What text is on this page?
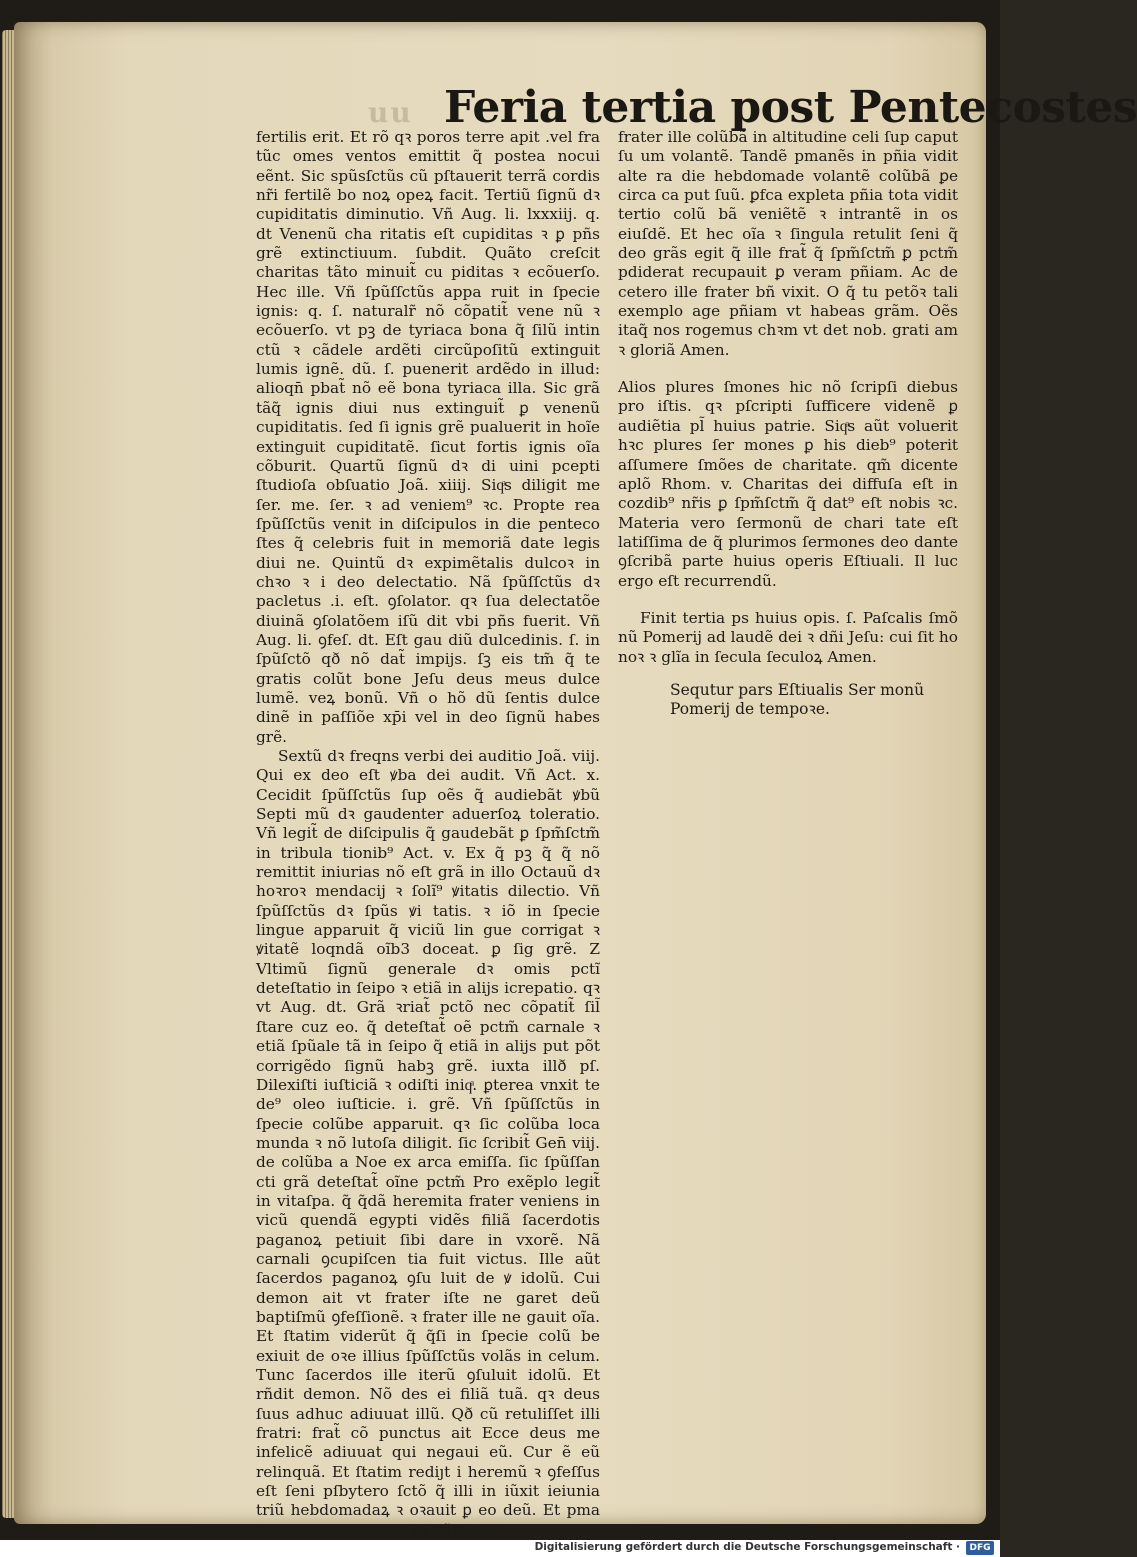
uu Feria tertia post Pentecostes

fertilis erit. Et rõ qꝛ poros terre apit .vel fra tũc omes ventos emittit q̃ postea nocui eẽnt. Sic spũsſctũs cũ pſtauerit terrã cordis nr̃i fertilẽ bo noꝝ opeꝝ facit. Tertiũ ſignũ dꝛ cupiditatis diminutio. Vñ Aug. li. lxxxiij. q. dt Venenũ cha ritatis eſt cupiditas ꝛ ꝑ pñs grẽ extinctiuum. ſubdit. Quãto creſcit charitas tãto minuit̃ cu piditas ꝛ ecõuerſo. Hec ille. Vñ ſpũſſctũs appa ruit in ſpecie ignis: q. ſ. naturalr̃ nõ cõpatit̃ vene nũ ꝛ ecõuerſo. vt pꝫ de tyriaca bona q̃ ſilũ intin ctũ ꝛ cãdele ardẽti circũpoſitũ extinguit lumis ignẽ. dũ. ſ. puenerit ardẽdo in illud: alioqn̄ pbat̃ nõ eẽ bona tyriaca illa. Sic grã tãq̃ ignis diui nus extinguit̃ ꝑ venenũ cupiditatis. ſed ſi ignis grẽ pualuerit in hoĩe extinguit cupiditatẽ. ſicut fortis ignis oĩa cõburit. Quartũ ſignũ dꝛ di uini pcepti ſtudioſa obſuatio Joã. xiiij. Siqͣs diligit me ſer. me. ſer. ꝛ ad veniem⁹ ꝛc. Propte rea ſpũſſctũs venit in diſcipulos in die penteco ſtes q̃ celebris fuit in memoriã date legis diui ne. Quintũ dꝛ expimẽtalis dulcoꝛ in chꝛo ꝛ i deo delectatio. Nã ſpũſſctũs dꝛ pacletus .i. eſt. ꝯſolator. qꝛ ſua delectatõe diuinã ꝯſolatõem iſũ dit vbi pñs fuerit. Vñ Aug. li. ꝯfeſ. dt. Eſt gau diũ dulcedinis. ſ. in ſpũſctõ qð nõ dat̃ impijs. ſꝫ eis tm̃ q̃ te gratis colũt bone Jeſu deus meus dulce lumẽ. veꝝ bonũ. Vñ o hõ dũ ſentis dulce dinẽ in paſſiõe xp̄i vel in deo ſignũ habes grẽ.

Sextũ dꝛ freqns verbi dei auditio Joã. viij. Qui ex deo eſt ꝟba dei audit. Vñ Act. x. Cecidit ſpũſſctũs ſup oẽs q̃ audiebãt ꝟbũ Septi mũ dꝛ gaudenter aduerſoꝝ toleratio. Vñ legit̃ de diſcipulis q̃ gaudebãt ꝑ ſpm̃ſctm̃ in tribula tionib⁹ Act. v. Ex q̃ pꝫ q̃ q̃ nõ remittit iniurias nõ eſt grã in illo Octauũ dꝛ hoꝛroꝛ mendacij ꝛ ſolĩ⁹ ꝟitatis dilectio. Vñ ſpũſſctũs dꝛ ſpũs ꝟi tatis. ꝛ iõ in ſpecie lingue apparuit q̃ viciũ lin gue corrigat ꝛ ꝟitatẽ loqndã oĩb3 doceat. ꝑ ſig grẽ. Z Vltimũ ſignũ generale dꝛ omis pctĩ deteſtatio in ſeipo ꝛ etiã in alijs icrepatio. qꝛ vt Aug. dt. Grã ꝛriat̃ pctõ nec cõpatit̃ ſil̃ ſtare cuz eo. q̃ deteſtat̃ oẽ pctm̃ carnale ꝛ etiã ſpũale tã in ſeipo q̃ etiã in alijs put põt corrigẽdo ſignũ habꝫ grẽ. iuxta illð pſ. Dilexiſti iuſticiã ꝛ odiſti iniqͣ. ꝑterea vnxit te de⁹ oleo iuſticie. i. grẽ. Vñ ſpũſſctũs in ſpecie colũbe apparuit. qꝛ ſic colũba loca munda ꝛ nõ lutoſa diligit. ſic ſcribit̃ Gen̄ viij. de colũba a Noe ex arca emiſſa. ſic ſpũſſan cti grã deteſtat̃ oĩne pctm̃ Pro exẽplo legit̃ in vitaſpa. q̃ q̃dã heremita frater veniens in vicũ quendã egypti vidẽs filiã ſacerdotis paganoꝝ petiuit ſibi dare in vxorẽ. Nã carnali ꝯcupiſcen tia fuit victus. Ille aũt ſacerdos paganoꝝ ꝯſu luit de ꝟ idolũ. Cui demon ait vt frater iſte ne garet deũ baptiſmũ ꝯfeſſionẽ. ꝛ frater ille ne gauit oĩa. Et ſtatim viderũt q̃ q̃ſi in ſpecie colũ be exiuit de oꝛe illius ſpũſſctũs volãs in celum. Tunc ſacerdos ille iterũ ꝯſuluit idolũ. Et rñdit demon. Nõ des ei filiã tuã. qꝛ deus ſuus adhuc adiuuat illũ. Qð cũ retuliſſet illi fratri: frat̃ cõ punctus ait Ecce deus me infelicẽ adiuuat qui negaui eũ. Cur ẽ eũ relinquã. Et ſtatim rediȷt i heremũ ꝛ ꝯfeſſus eſt ſeni pſbytero ſctõ q̃ illi in iũxit ieiunia triũ hebdomadaꝝ ꝛ oꝛauit ꝑ eo deũ. Et pma hebdomada expleta in pñia vidit

frater ille colũbã in altitudine celi ſup caput ſu um volantẽ. Tandẽ pmanẽs in pñia vidit alte ra die hebdomade volantẽ colũbã ꝑe circa ca put ſuũ. ꝑfca expleta pñia tota vidit tertio colũ bã veniẽtẽ ꝛ intrantẽ in os eiuſdẽ. Et hec oĩa ꝛ ſingula retulit ſeni q̃ deo grãs egit q̃ ille frat̃ q̃ ſpm̃ſctm̃ ꝑ pctm̃ pdiderat recupauit ꝑ veram pñiam. Ac de cetero ille frater bñ vixit. O q̃ tu petõꝛ tali exemplo age pñiam vt habeas grãm. Oẽs itaq̃ nos rogemus chꝛm vt det nob. grati am ꝛ gloriã Amen.

Alios plures ſmones hic nõ ſcripſi diebus pro iſtis. qꝛ pſcripti ſufficere videnẽ ꝑ audiẽtia pl̃ huius patrie. Siqͣs aũt voluerit hꝛc plures ſer mones ꝑ his dieb⁹ poterit aſſumere ſmões de charitate. qm̃ dicente aplõ Rhom. v. Charitas dei diffuſa eſt in cozdib⁹ nr̃is ꝑ ſpm̃ſctm̃ q̃ dat⁹ eſt nobis ꝛc. Materia vero ſermonũ de chari tate eſt latiſſima de q̃ plurimos ſermones deo dante ꝯſcribã parte huius operis Eſtiuali. Il luc ergo eſt recurrendũ.

Finit tertia ps huius opis. ſ. Paſcalis ſmõ nũ Pomerij ad laudẽ dei ꝛ dñi Jeſu: cui ſit ho noꝛ ꝛ glĩa in ſecula ſeculoꝝ Amen.

Sequtur pars Eſtiualis Ser monũ Pomerij de tempoꝛe.

Digitalisierung gefördert durch die Deutsche Forschungsgemeinschaft ·	DFG
